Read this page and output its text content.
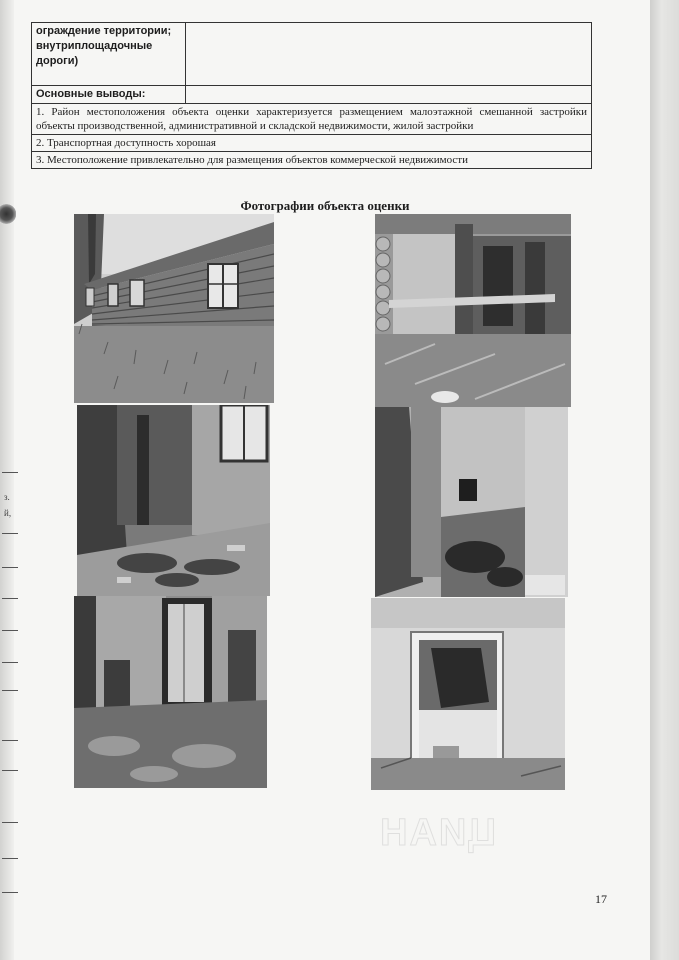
з.
й,
ограждение территории; внутриплощадочные дороги)	
Основные выводы:	
1. Район местоположения объекта оценки характеризуется размещением малоэтажной смешанной застройки объекты производственной, административной и складской недвижимости, жилой застройки	
2. Транспортная доступность хорошая	
3. Местоположение привлекательно для размещения объектов коммерческой недвижимости	
Фотографии объекта оценки
ЦИАН
17
